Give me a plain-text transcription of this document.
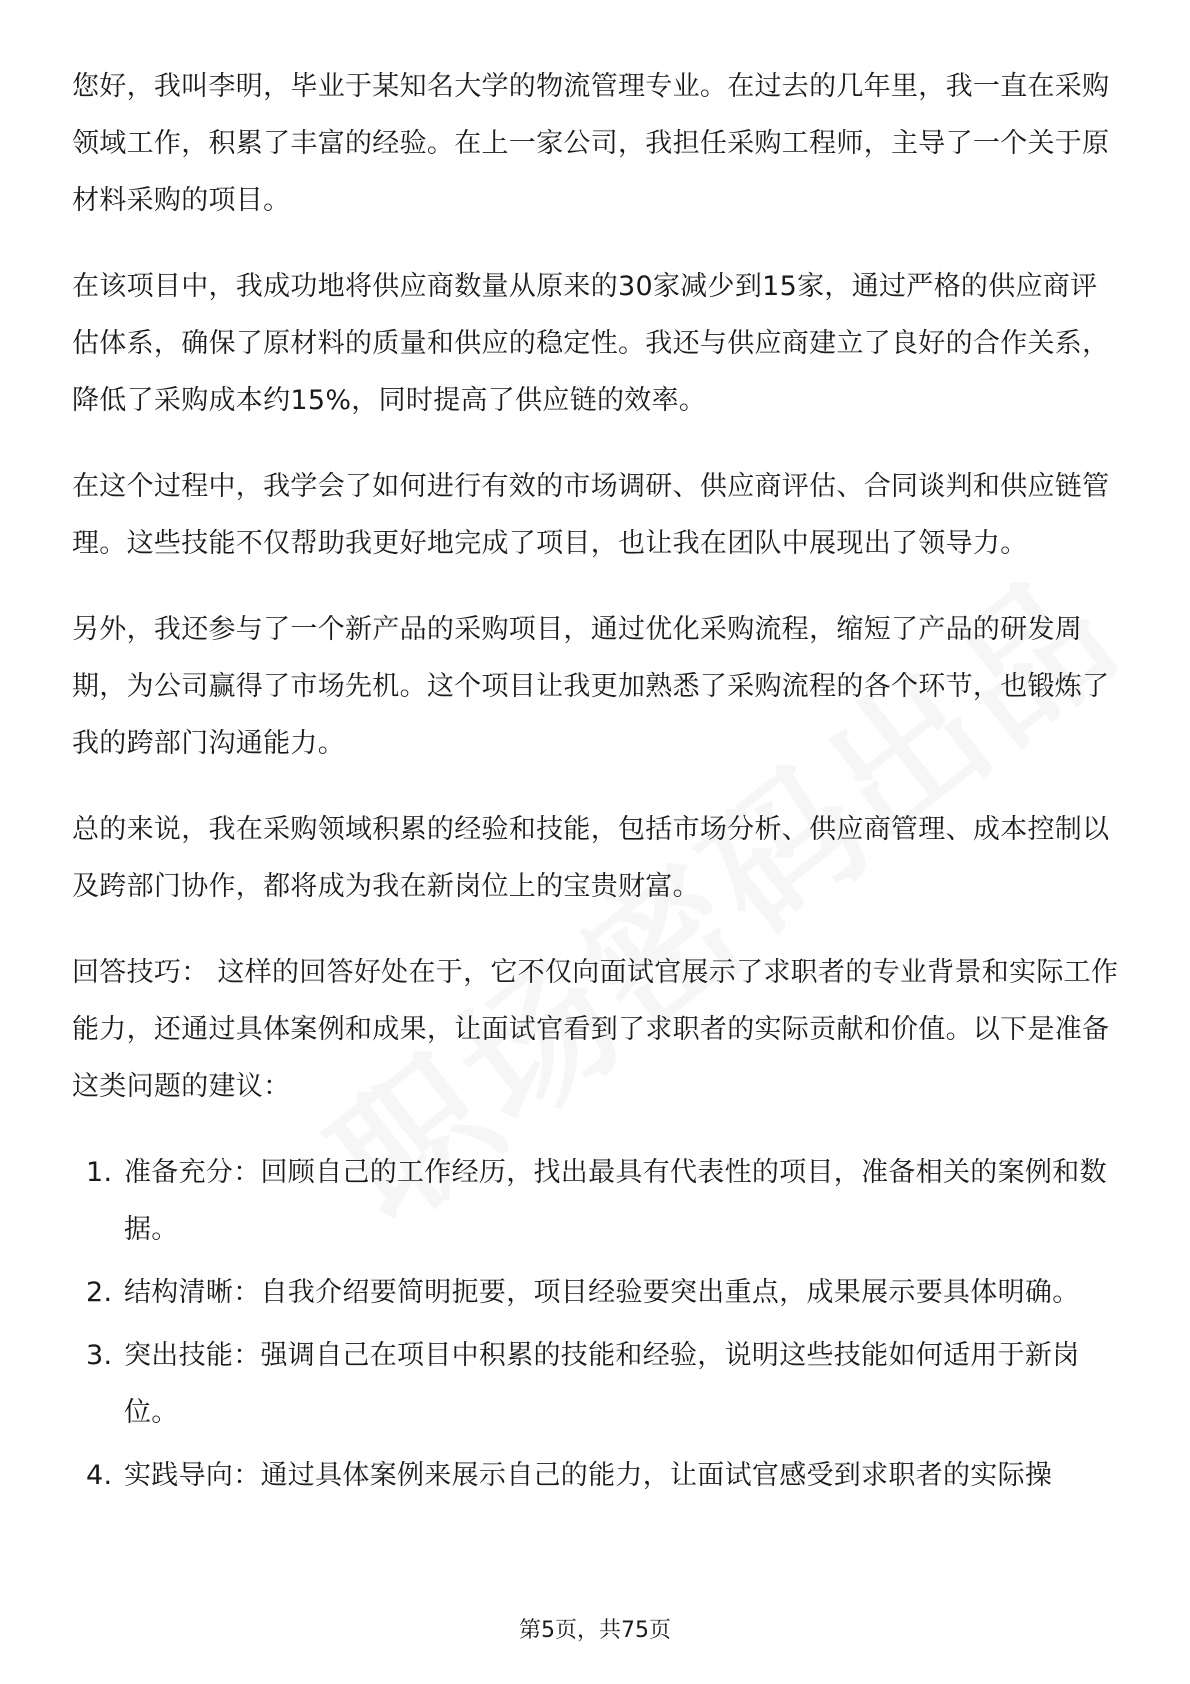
您好，我叫李明，毕业于某知名大学的物流管理专业。在过去的几年里，我一直在采购领域工作，积累了丰富的经验。在上一家公司，我担任采购工程师，主导了一个关于原材料采购的项目。

在该项目中，我成功地将供应商数量从原来的30家减少到15家，通过严格的供应商评估体系，确保了原材料的质量和供应的稳定性。我还与供应商建立了良好的合作关系，降低了采购成本约15%，同时提高了供应链的效率。

在这个过程中，我学会了如何进行有效的市场调研、供应商评估、合同谈判和供应链管理。这些技能不仅帮助我更好地完成了项目，也让我在团队中展现出了领导力。

另外，我还参与了一个新产品的采购项目，通过优化采购流程，缩短了产品的研发周期，为公司赢得了市场先机。这个项目让我更加熟悉了采购流程的各个环节，也锻炼了我的跨部门沟通能力。

总的来说，我在采购领域积累的经验和技能，包括市场分析、供应商管理、成本控制以及跨部门协作，都将成为我在新岗位上的宝贵财富。

回答技巧： 这样的回答好处在于，它不仅向面试官展示了求职者的专业背景和实际工作能力，还通过具体案例和成果，让面试官看到了求职者的实际贡献和价值。以下是准备这类问题的建议：

1. 准备充分：回顾自己的工作经历，找出最具有代表性的项目，准备相关的案例和数据。
2. 结构清晰：自我介绍要简明扼要，项目经验要突出重点，成果展示要具体明确。
3. 突出技能：强调自己在项目中积累的技能和经验，说明这些技能如何适用于新岗位。
4. 实践导向：通过具体案例来展示自己的能力，让面试官感受到求职者的实际操
第5页，共75页
